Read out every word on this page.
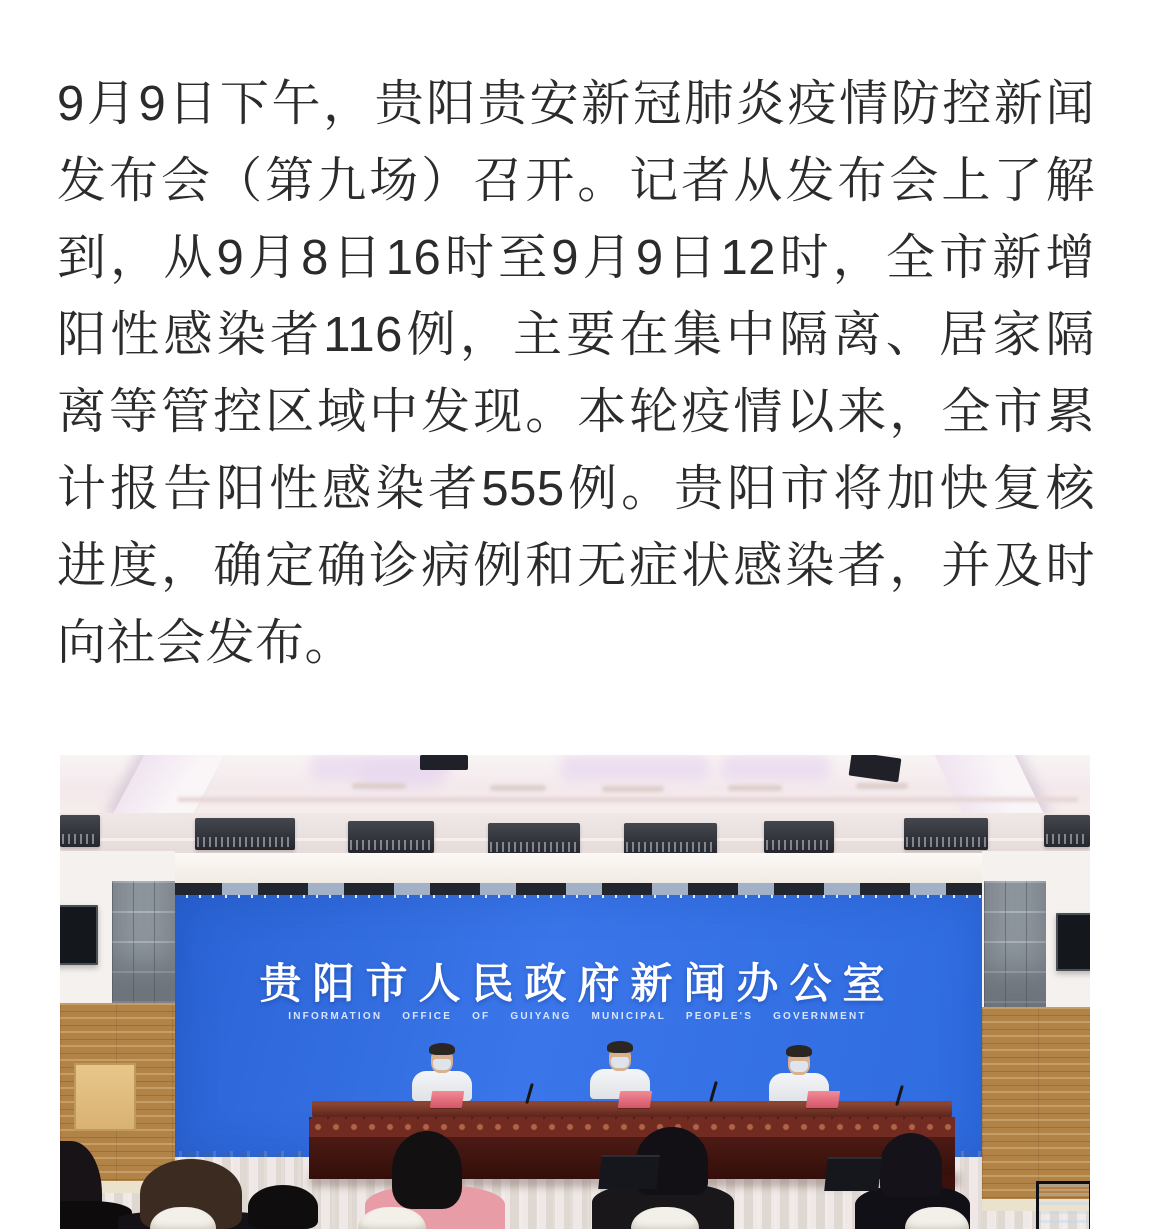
9月9日下午，贵阳贵安新冠肺炎疫情防控新闻

发布会（第九场）召开。记者从发布会上了解

到，从9月8日16时至9月9日12时，全市新增

阳性感染者116例，主要在集中隔离、居家隔

离等管控区域中发现。本轮疫情以来，全市累

计报告阳性感染者555例。贵阳市将加快复核

进度，确定确诊病例和无症状感染者，并及时

向社会发布。

贵阳市人民政府新闻办公室
INFORMATION OFFICE OF GUIYANG MUNICIPAL PEOPLE'S GOVERNMENT
